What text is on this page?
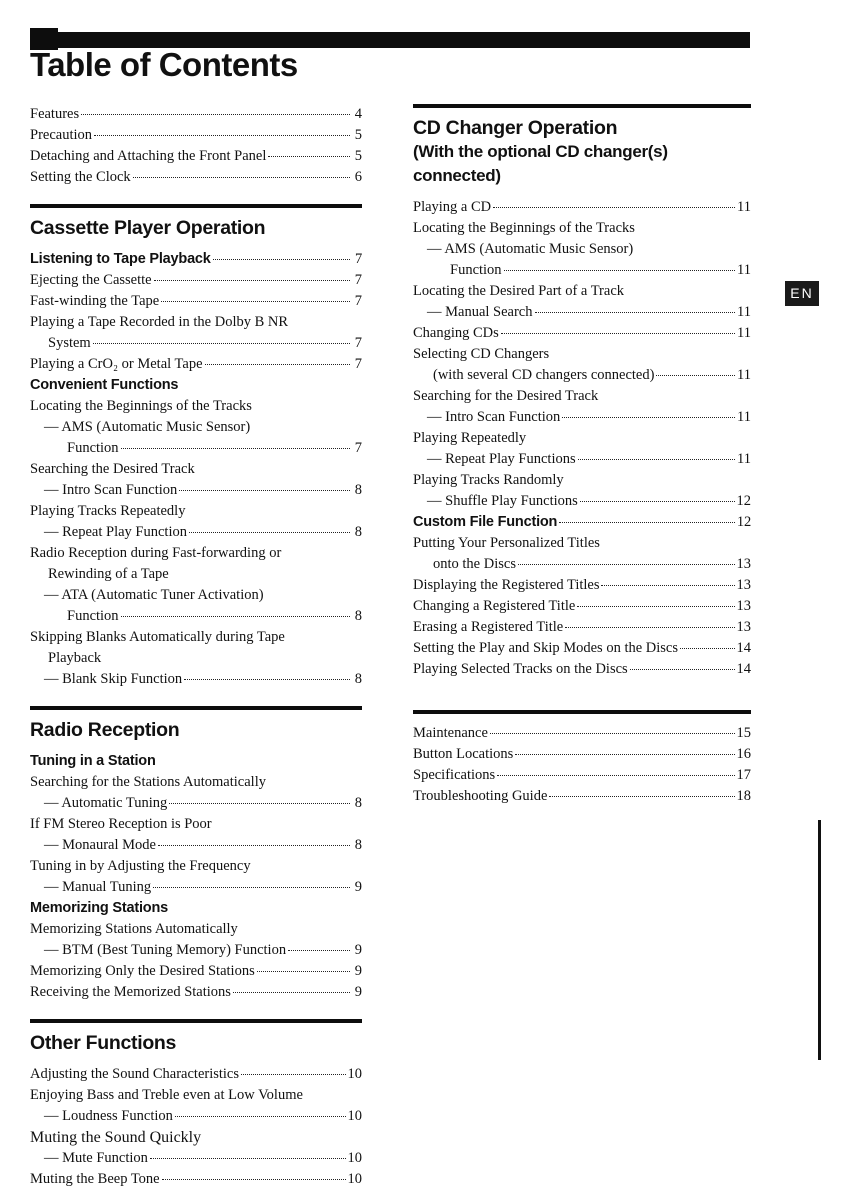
Table of Contents
EN
Features	4
Precaution	5
Detaching and Attaching the Front Panel	5
Setting the Clock	6
Cassette Player Operation
Listening to Tape Playback	7
Ejecting the Cassette	7
Fast-winding the Tape	7
Playing a Tape Recorded in the Dolby B NR
System	7
Playing a CrO₂ or Metal Tape	7
Convenient Functions
Locating the Beginnings of the Tracks
— AMS (Automatic Music Sensor)
Function	7
Searching the Desired Track
— Intro Scan Function	8
Playing Tracks Repeatedly
— Repeat Play Function	8
Radio Reception during Fast-forwarding or
Rewinding of a Tape
— ATA (Automatic Tuner Activation)
Function	8
Skipping Blanks Automatically during Tape
Playback
— Blank Skip Function	8
Radio Reception
Tuning in a Station
Searching for the Stations Automatically
— Automatic Tuning	8
If FM Stereo Reception is Poor
— Monaural Mode	8
Tuning in by Adjusting the Frequency
— Manual Tuning	9
Memorizing Stations
Memorizing Stations Automatically
— BTM (Best Tuning Memory) Function	9
Memorizing Only the Desired Stations	9
Receiving the Memorized Stations	9
Other Functions
Adjusting the Sound Characteristics	10
Enjoying Bass and Treble even at Low Volume
— Loudness Function	10
Muting the Sound Quickly
— Mute Function	10
Muting the Beep Tone	10
CD Changer Operation
(With the optional CD changer(s)
connected)
Playing a CD	11
Locating the Beginnings of the Tracks
— AMS (Automatic Music Sensor)
Function	11
Locating the Desired Part of a Track
— Manual Search	11
Changing CDs	11
Selecting CD Changers
(with several CD changers connected)	11
Searching for the Desired Track
— Intro Scan Function	11
Playing Repeatedly
— Repeat Play Functions	11
Playing Tracks Randomly
— Shuffle Play Functions	12
Custom File Function	12
Putting Your Personalized Titles
onto the Discs	13
Displaying the Registered Titles	13
Changing a Registered Title	13
Erasing a Registered Title	13
Setting the Play and Skip Modes on the Discs	14
Playing Selected Tracks on the Discs	14
Maintenance	15
Button Locations	16
Specifications	17
Troubleshooting Guide	18
